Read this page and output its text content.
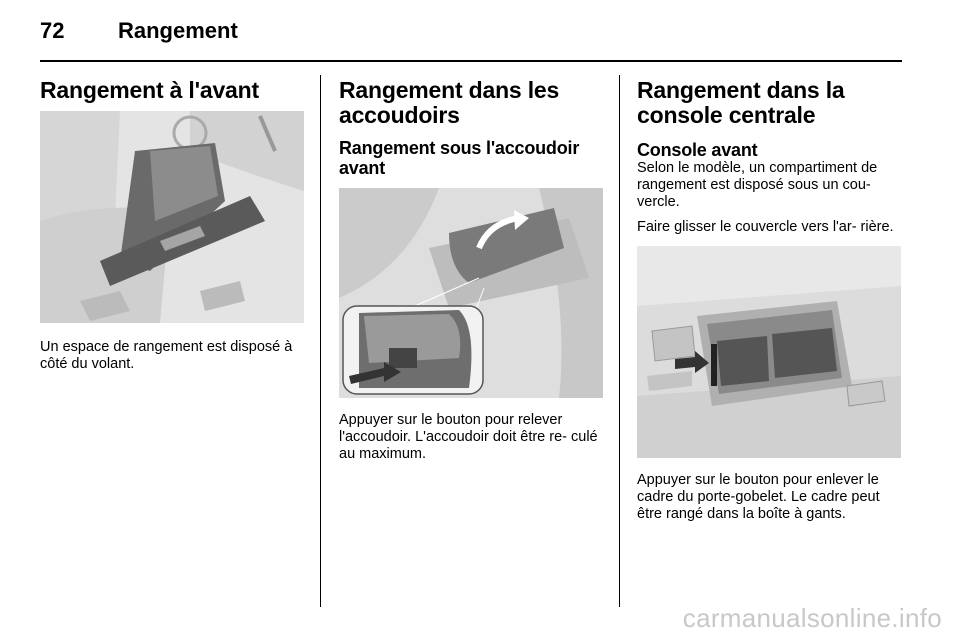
72 Rangement
Rangement à l'avant

Un espace de rangement est disposé à côté du volant.

Rangement dans les accoudoirs
Rangement sous l'accoudoir avant

Appuyer sur le bouton pour relever l'accoudoir. L'accoudoir doit être re- culé au maximum.

Rangement dans la console centrale
Console avant

Selon le modèle, un compartiment de rangement est disposé sous un cou- vercle.

Faire glisser le couvercle vers l'ar- rière.

Appuyer sur le bouton pour enlever le cadre du porte-gobelet. Le cadre peut être rangé dans la boîte à gants.

carmanualsonline.info
